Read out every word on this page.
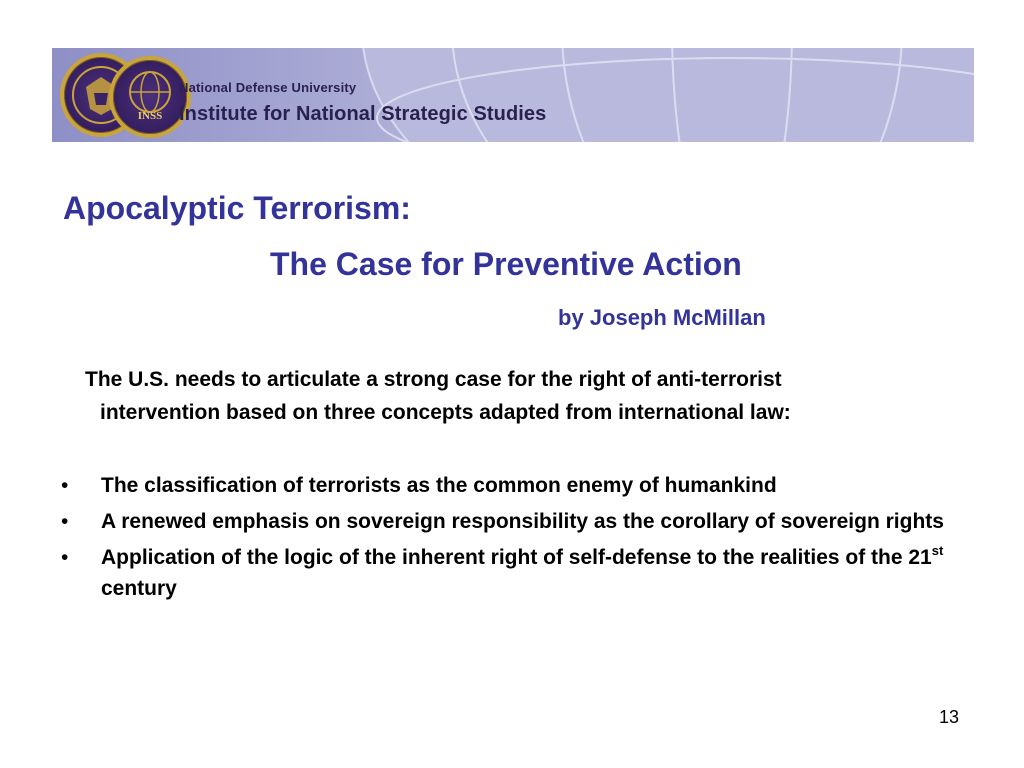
INSS
National Defense University
Institute for National Strategic Studies
Apocalyptic Terrorism:
The Case for Preventive Action
by Joseph McMillan
The U.S. needs to articulate a strong case for the right of anti-terrorist
intervention based on three concepts adapted from international law:
• The classification of terrorists as the common enemy of humankind
• A renewed emphasis on sovereign responsibility as the corollary of sovereign rights
• Application of the logic of the inherent right of self-defense to the realities of the 21st century
13
